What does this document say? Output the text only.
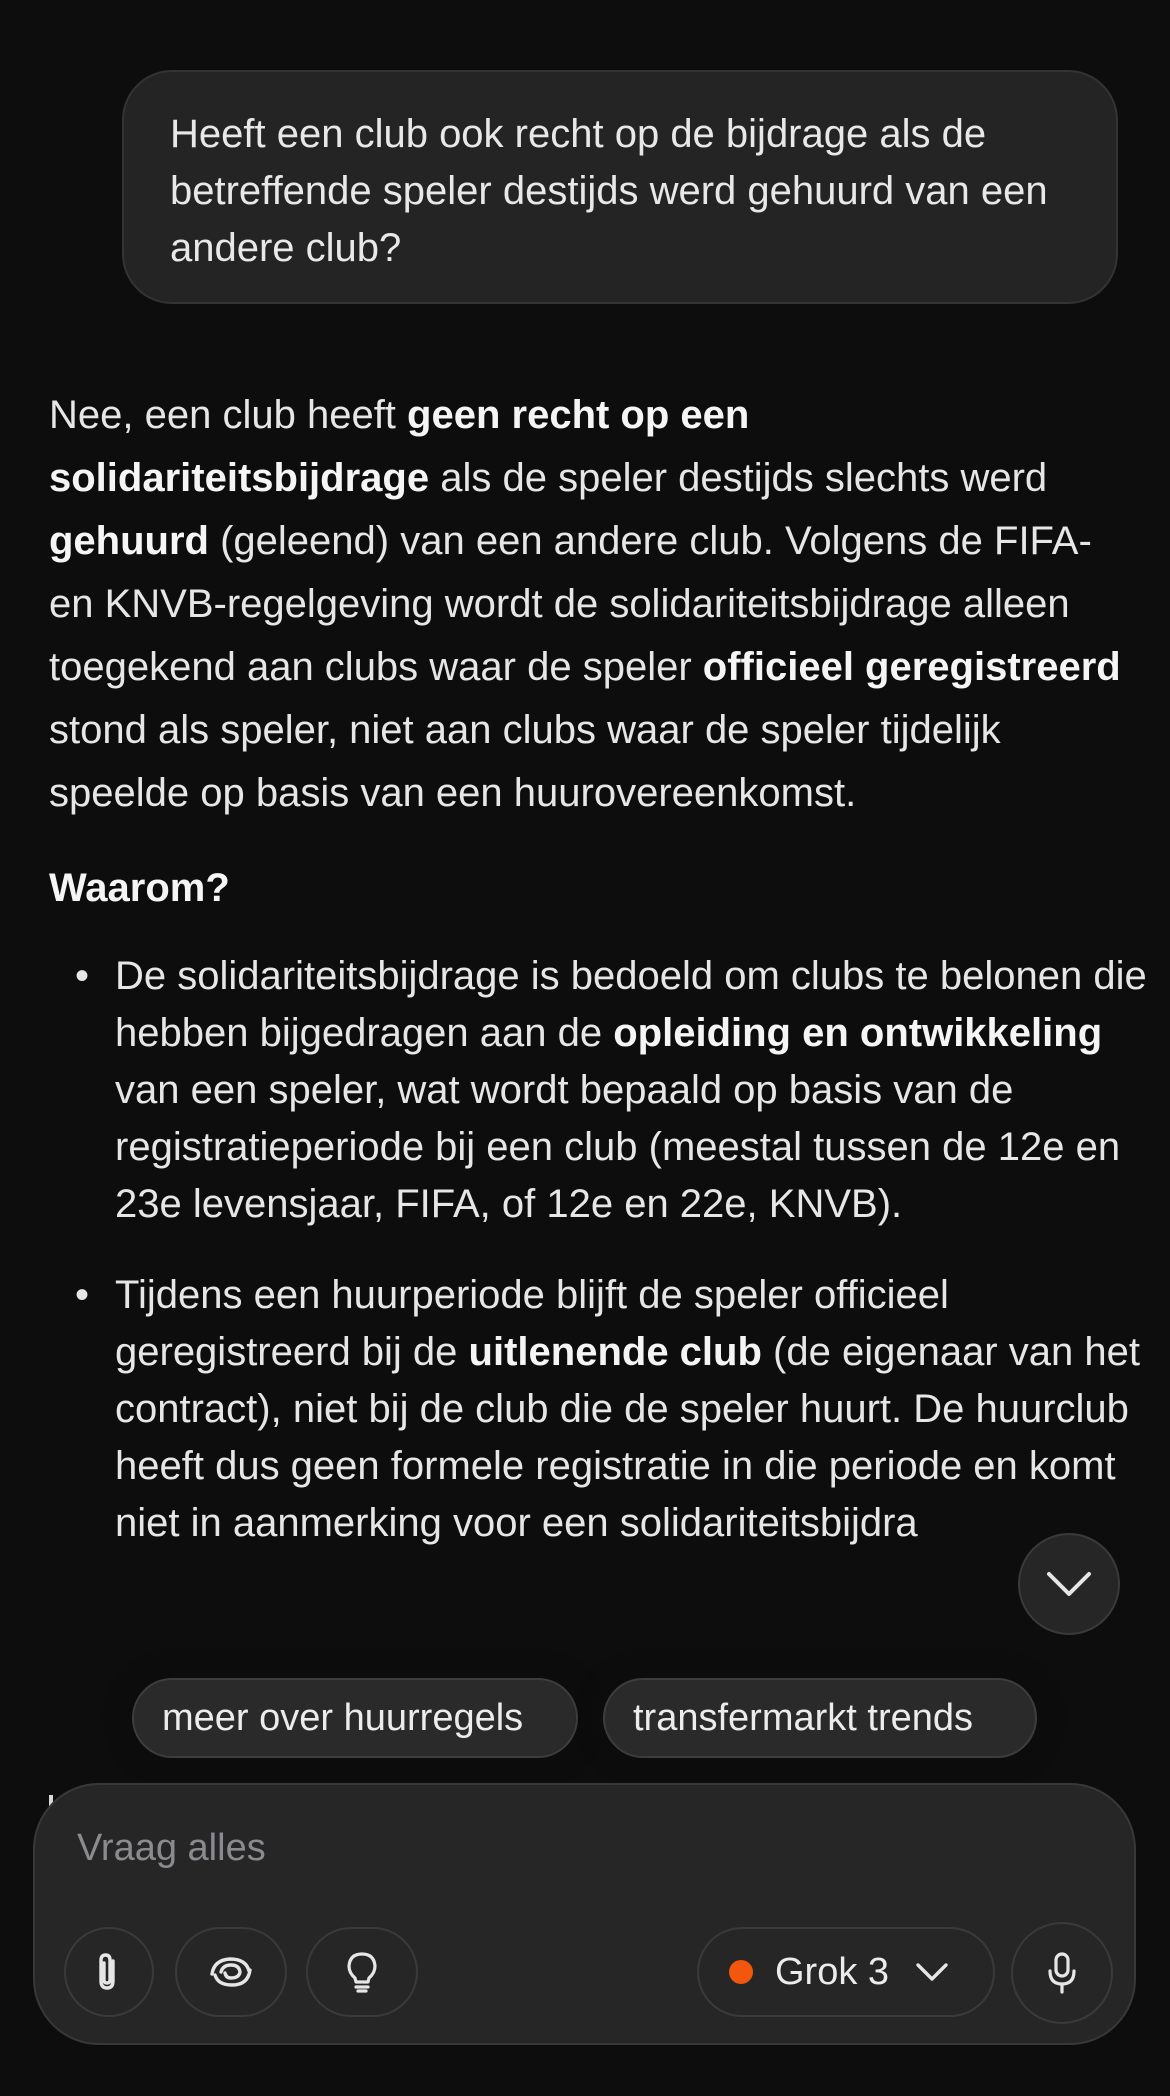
Heeft een club ook recht op de bijdrage als de betreffende speler destijds werd gehuurd van een andere club?

Nee, een club heeft geen recht op een solidariteitsbijdrage als de speler destijds slechts werd gehuurd (geleend) van een andere club. Volgens de FIFA- en KNVB-regelgeving wordt de solidariteitsbijdrage alleen toegekend aan clubs waar de speler officieel geregistreerd stond als speler, niet aan clubs waar de speler tijdelijk speelde op basis van een huurovereenkomst.

Waarom?

• De solidariteitsbijdrage is bedoeld om clubs te belonen die hebben bijgedragen aan de opleiding en ontwikkeling van een speler, wat wordt bepaald op basis van de registratieperiode bij een club (meestal tussen de 12e en 23e levensjaar, FIFA, of 12e en 22e, KNVB).
• Tijdens een huurperiode blijft de speler officieel geregistreerd bij de uitlenende club (de eigenaar van het contract), niet bij de club die de speler huurt. De huurclub heeft dus geen formele registratie in die periode en komt niet in aanmerking voor een solidariteitsbijdra
meer over huurregels	transfermarkt trends
Vraag alles
Grok 3
